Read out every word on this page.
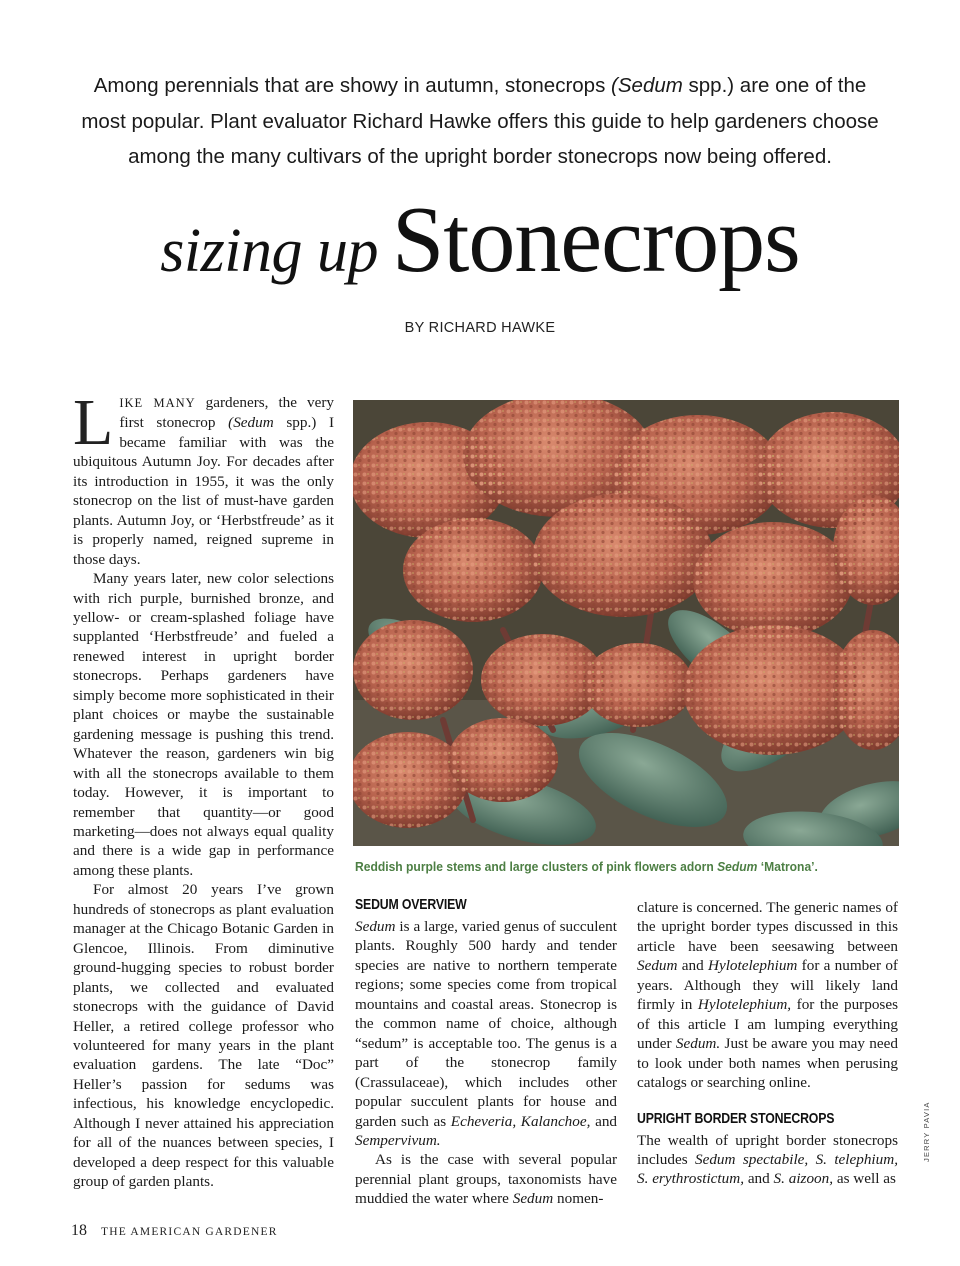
Among perennials that are showy in autumn, stonecrops (Sedum spp.) are one of the most popular. Plant evaluator Richard Hawke offers this guide to help gardeners choose among the many cultivars of the upright border stonecrops now being offered.
sizing up Stonecrops
BY RICHARD HAWKE

LIKE MANY gardeners, the very first stonecrop (Sedum spp.) I became familiar with was the ubiquitous Autumn Joy. For decades after its introduction in 1955, it was the only stonecrop on the list of must-have garden plants. Autumn Joy, or ‘Herbstfreude’ as it is properly named, reigned supreme in those days.

Many years later, new color selections with rich purple, burnished bronze, and yellow- or cream-splashed foliage have supplanted ‘Herbstfreude’ and fueled a renewed interest in upright border stonecrops. Perhaps gardeners have simply become more sophisticated in their plant choices or maybe the sustainable gardening message is pushing this trend. Whatever the reason, gardeners win big with all the stonecrops available to them today. However, it is important to remember that quantity—or good marketing—does not always equal quality and there is a wide gap in performance among these plants.

For almost 20 years I’ve grown hundreds of stonecrops as plant evaluation manager at the Chicago Botanic Garden in Glencoe, Illinois. From diminutive ground-hugging species to robust border plants, we collected and evaluated stonecrops with the guidance of David Heller, a retired college professor who volunteered for many years in the plant evaluation gardens. The late “Doc” Heller’s passion for sedums was infectious, his knowledge encyclopedic. Although I never attained his appreciation for all of the nuances between species, I developed a deep respect for this valuable group of garden plants.

Reddish purple stems and large clusters of pink flowers adorn Sedum ‘Matrona’.
SEDUM OVERVIEW

Sedum is a large, varied genus of succulent plants. Roughly 500 hardy and tender species are native to northern temperate regions; some species come from tropical mountains and coastal areas. Stonecrop is the common name of choice, although “sedum” is acceptable too. The genus is a part of the stonecrop family (Crassulaceae), which includes other popular succulent plants for house and garden such as Echeveria, Kalanchoe, and Sempervivum.

As is the case with several popular perennial plant groups, taxonomists have muddied the water where Sedum nomen-

clature is concerned. The generic names of the upright border types discussed in this article have been seesawing between Sedum and Hylotelephium for a number of years. Although they will likely land firmly in Hylotelephium, for the purposes of this article I am lumping everything under Sedum. Just be aware you may need to look under both names when perusing catalogs or searching online.

UPRIGHT BORDER STONECROPS

The wealth of upright border stonecrops includes Sedum spectabile, S. telephium, S. erythrostictum, and S. aizoon, as well as

JERRY PAVIA
18 THE AMERICAN GARDENER
